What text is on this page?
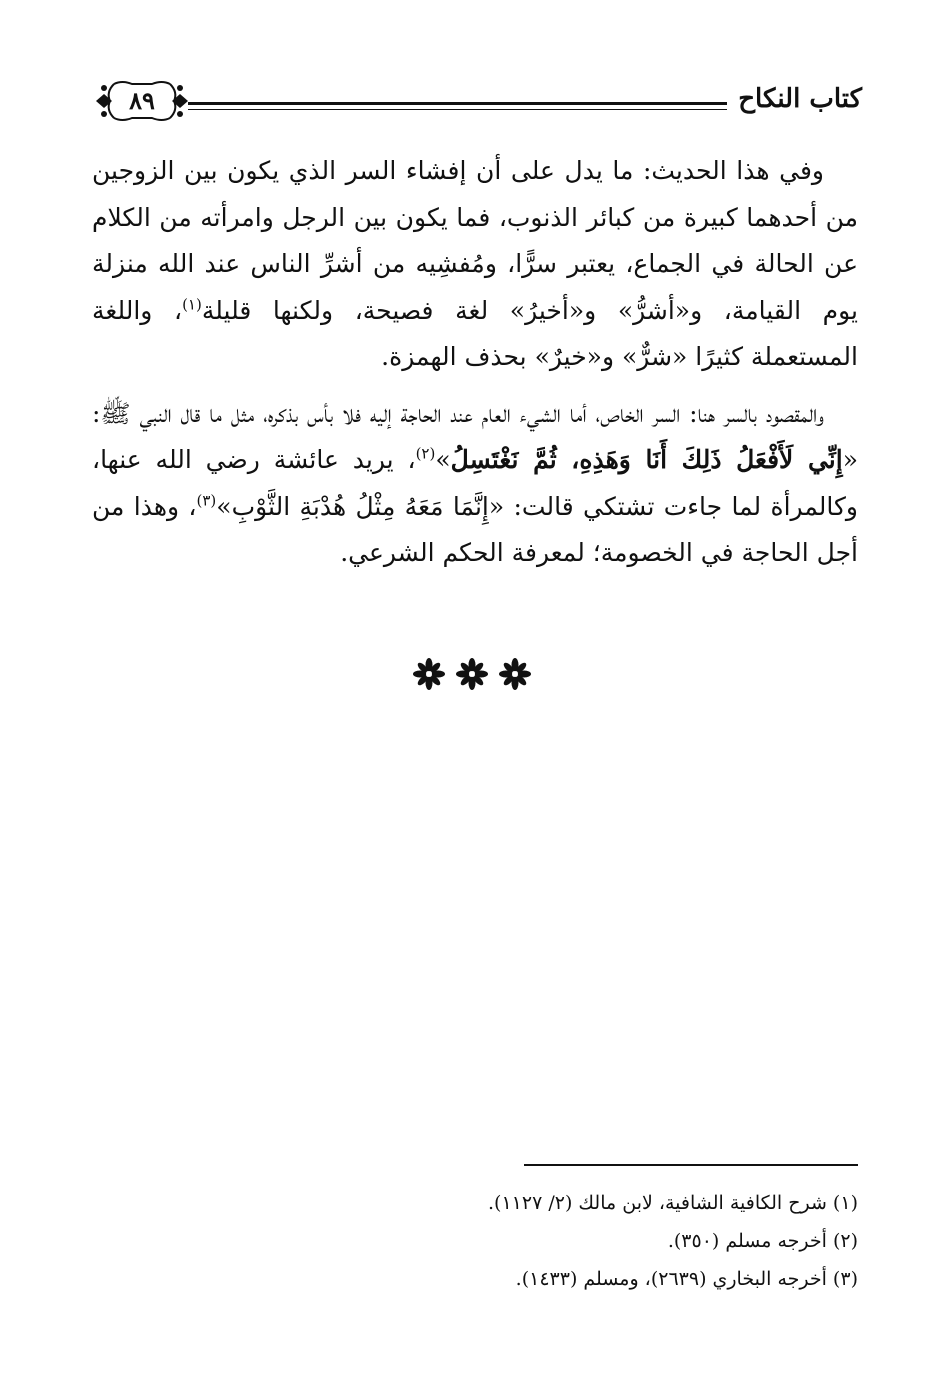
كتاب النكاح
٨٩

وفي هذا الحديث: ما يدل على أن إفشاء السر الذي يكون بين الزوجين من أحدهما كبيرة من كبائر الذنوب، فما يكون بين الرجل وامرأته من الكلام عن الحالة في الجماع، يعتبر سرًّا، ومُفشِيه من أشرِّ الناس عند الله منزلة يوم القيامة، و«أشرُّ» و«أخيرُ» لغة فصيحة، ولكنها قليلة$^{(١)}$، واللغة المستعملة كثيرًا «شرٌّ» و«خيرٌ» بحذف الهمزة.

والمقصود بالسر هنا: السر الخاص، أما الشيء العام عند الحاجة إليه فلا بأس بذكره، مثل ما قال النبي ﷺ: «إِنِّي لَأَفْعَلُ ذَلِكَ أَنَا وَهَذِهِ، ثُمَّ نَغْتَسِلُ»$^{(٢)}$، يريد عائشة رضي الله عنها، وكالمرأة لما جاءت تشتكي قالت: «إِنَّمَا مَعَهُ مِثْلُ هُدْبَةِ الثَّوْبِ»$^{(٣)}$، وهذا من أجل الحاجة في الخصومة؛ لمعرفة الحكم الشرعي.

(١) شرح الكافية الشافية، لابن مالك (٢/ ١١٢٧).

(٢) أخرجه مسلم (٣٥٠).

(٣) أخرجه البخاري (٢٦٣٩)، ومسلم (١٤٣٣).
